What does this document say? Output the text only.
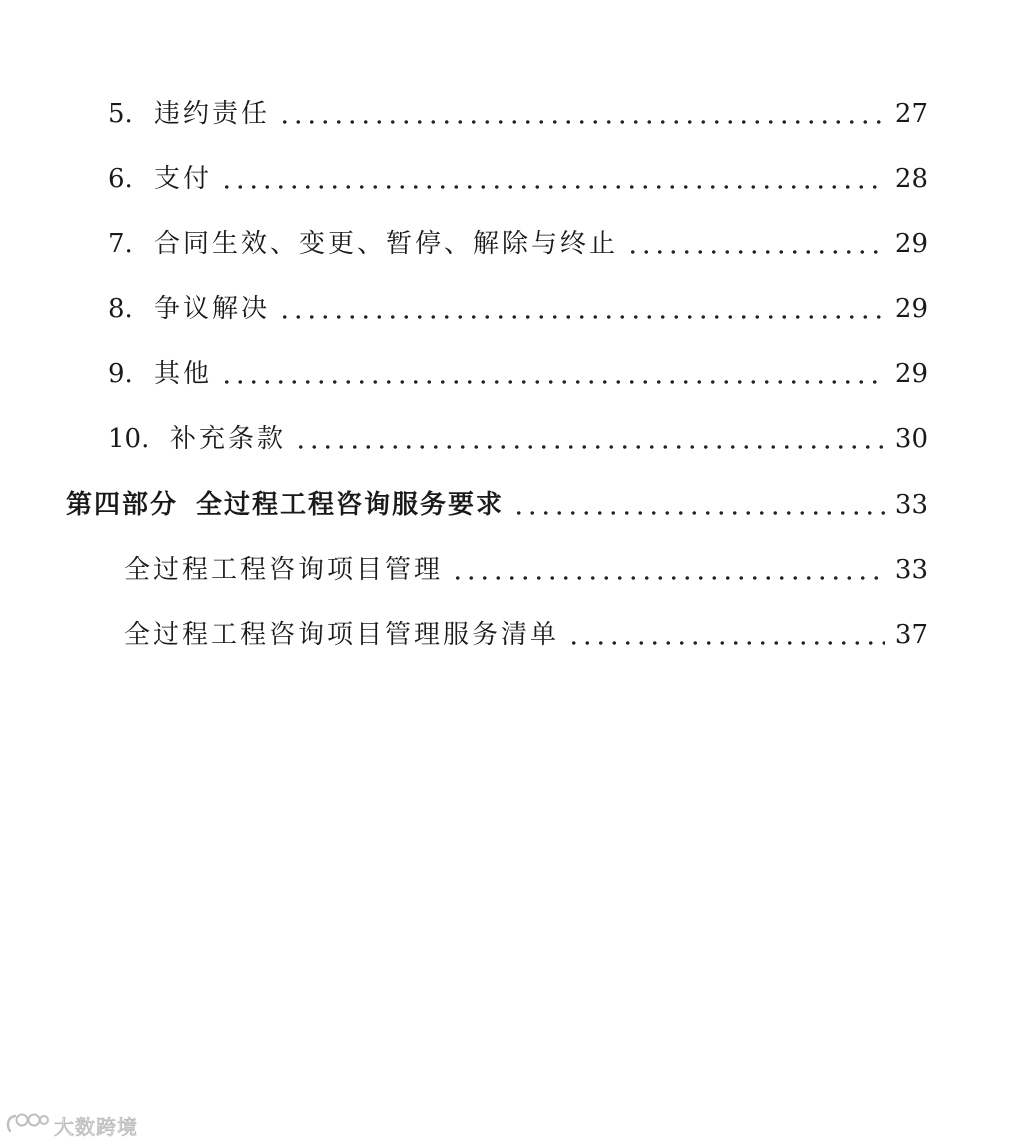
5. 违约责任	27
6. 支付	28
7. 合同生效、变更、暂停、解除与终止	29
8. 争议解决	29
9. 其他	29
10. 补充条款	30
第四部分 全过程工程咨询服务要求	33
全过程工程咨询项目管理	33
全过程工程咨询项目管理服务清单	37
大数跨境
